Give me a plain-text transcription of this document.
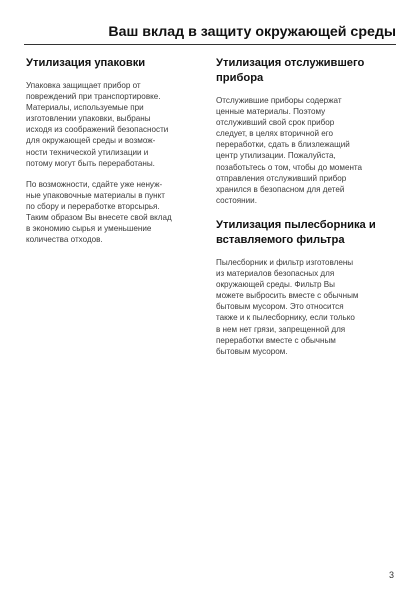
Ваш вклад в защиту окружающей среды
Утилизация упаковки

Упаковка защищает прибор от
повреждений при транспортировке.
Материалы, используемые при
изготовлении упаковки, выбраны
исходя из соображений безопасности
для окружающей среды и возмож-
ности технической утилизации и
потому могут быть переработаны.

По возможности, сдайте уже ненуж-
ные упаковочные материалы в пункт
по сбору и переработке вторсырья.
Таким образом Вы внесете свой вклад
в экономию сырья и уменьшение
количества отходов.

Утилизация отслужившего
прибора

Отслужившие приборы содержат
ценные материалы. Поэтому
отслуживший свой срок прибор
следует, в целях вторичной его
переработки, сдать в близлежащий
центр утилизации. Пожалуйста,
позаботьтесь о том, чтобы до момента
отправления отслуживший прибор
хранился в безопасном для детей
состоянии.

Утилизация пылесборника и
вставляемого фильтра

Пылесборник и фильтр изготовлены
из материалов безопасных для
окружающей среды. Фильтр Вы
можете выбросить вместе с обычным
бытовым мусором. Это относится
также и к пылесборнику, если только
в нем нет грязи, запрещенной для
переработки вместе с обычным
бытовым мусором.

3
